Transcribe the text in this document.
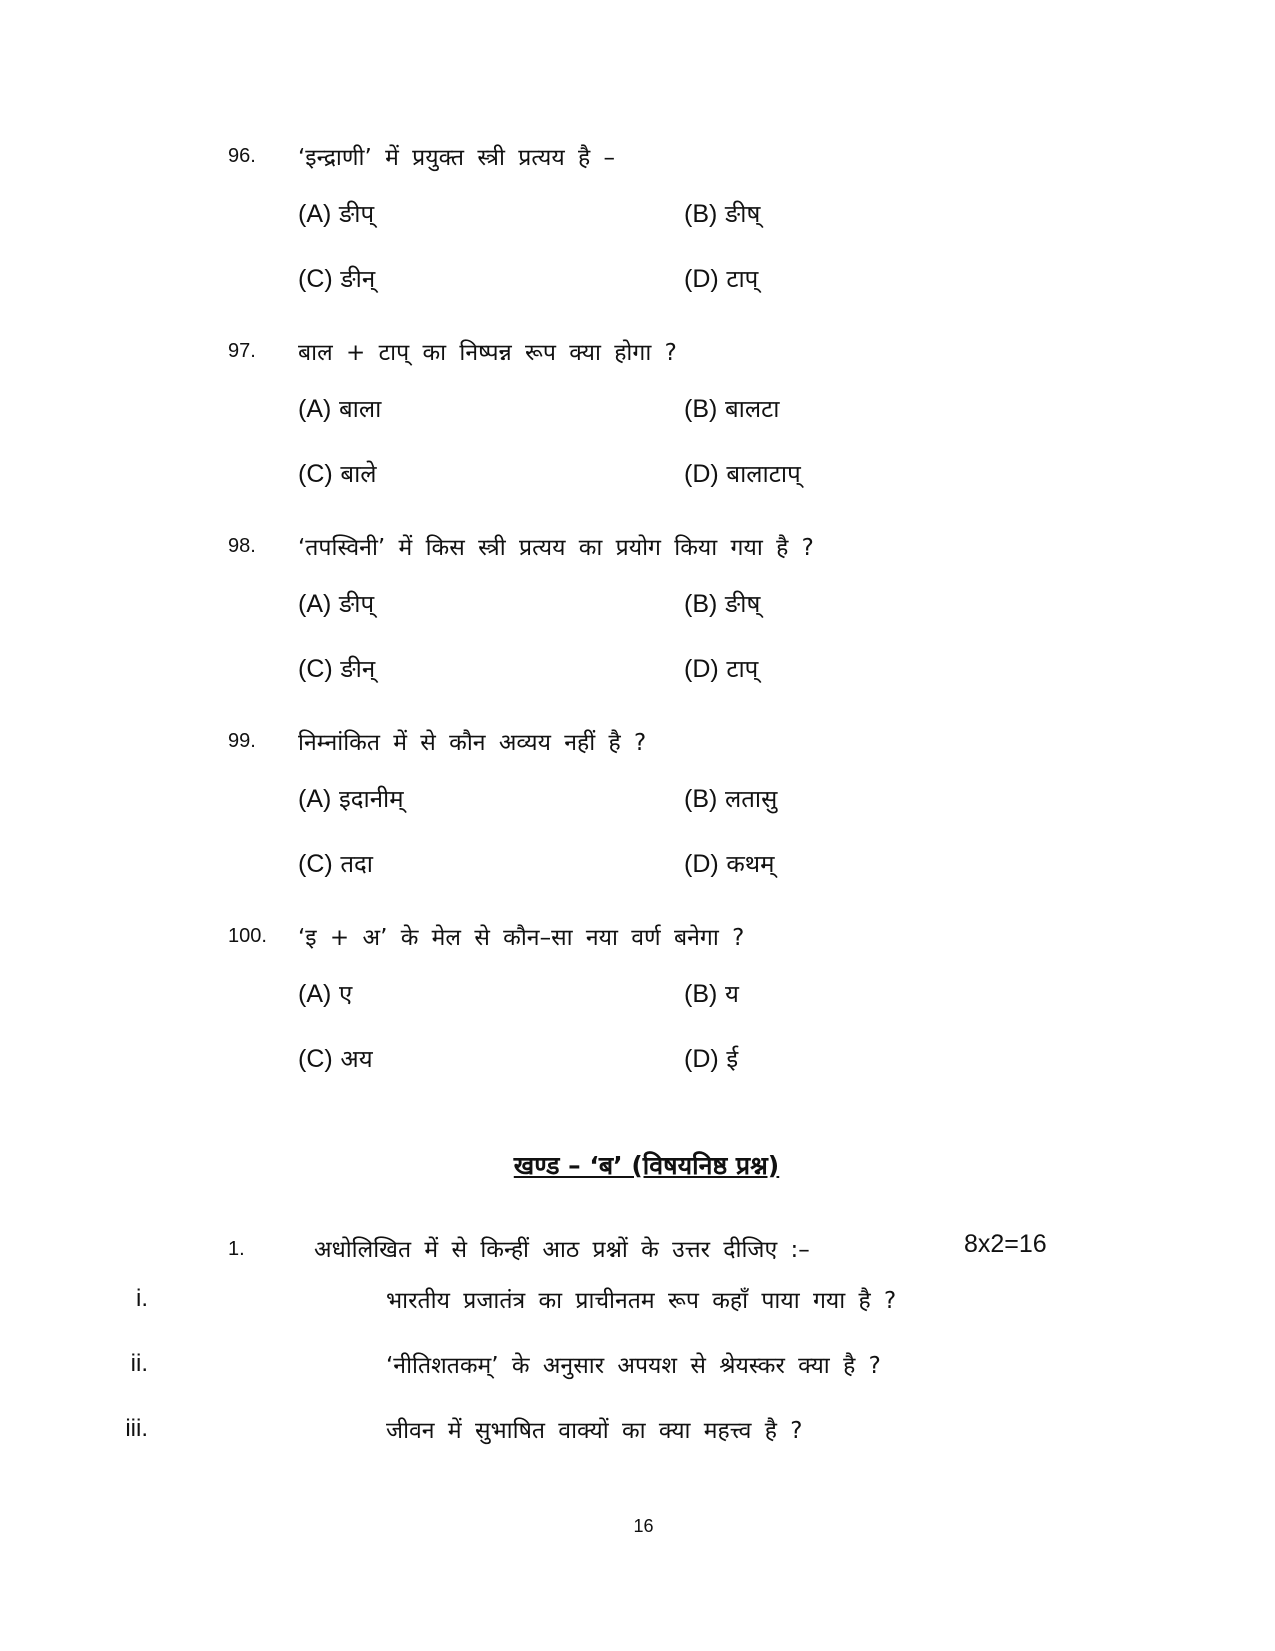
96. ‘इन्द्राणी’ में प्रयुक्त स्त्री प्रत्यय है –
(A) ङीप्	(B) ङीष्
(C) ङीन्	(D) टाप्
97. बाल + टाप् का निष्पन्न रूप क्या होगा ?
(A) बाला	(B) बालटा
(C) बाले	(D) बालाटाप्
98. ‘तपस्विनी’ में किस स्त्री प्रत्यय का प्रयोग किया गया है ?
(A) ङीप्	(B) ङीष्
(C) ङीन्	(D) टाप्
99. निम्नांकित में से कौन अव्यय नहीं है ?
(A) इदानीम्	(B) लतासु
(C) तदा	(D) कथम्
100. ‘इ + अ’ के मेल से कौन–सा नया वर्ण बनेगा ?
(A) ए	(B) य
(C) अय	(D) ई
खण्ड – ‘ब’ (विषयनिष्ठ प्रश्न)
1.	अधोलिखित में से किन्हीं आठ प्रश्नों के उत्तर दीजिए :–	8x2=16
i.	भारतीय प्रजातंत्र का प्राचीनतम रूप कहाँ पाया गया है ?
ii.	‘नीतिशतकम्’ के अनुसार अपयश से श्रेयस्कर क्या है ?
iii.	जीवन में सुभाषित वाक्यों का क्या महत्त्व है ?
16
